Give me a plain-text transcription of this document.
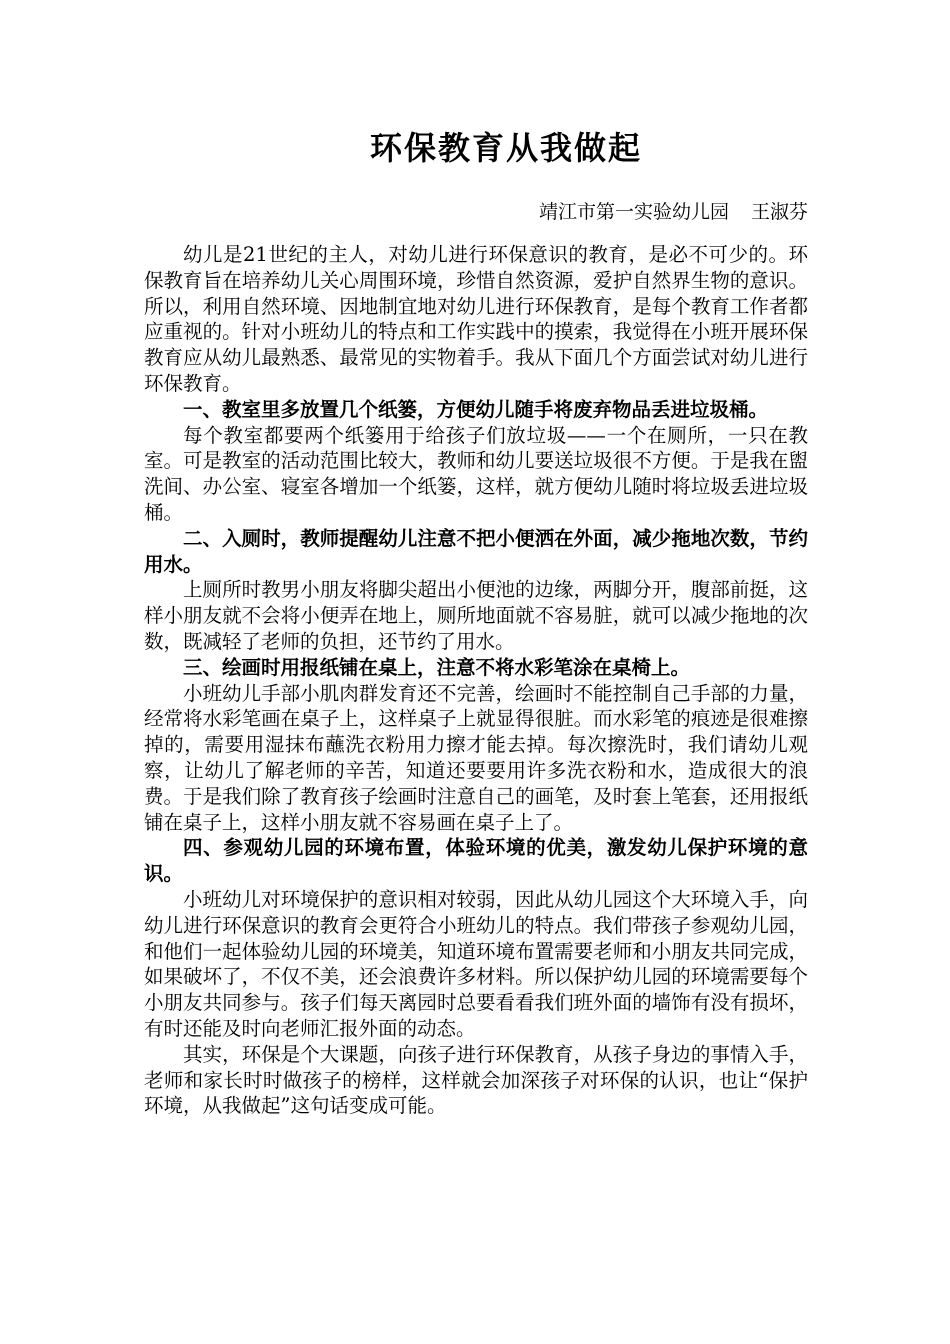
环保教育从我做起
靖江市第一实验幼儿园 王淑芬

幼儿是21世纪的主人，对幼儿进行环保意识的教育，是必不可少的。环保教育旨在培养幼儿关心周围环境，珍惜自然资源，爱护自然界生物的意识。所以，利用自然环境、因地制宜地对幼儿进行环保教育，是每个教育工作者都应重视的。针对小班幼儿的特点和工作实践中的摸索，我觉得在小班开展环保教育应从幼儿最熟悉、最常见的实物着手。我从下面几个方面尝试对幼儿进行环保教育。

一、教室里多放置几个纸篓，方便幼儿随手将废弃物品丢进垃圾桶。

每个教室都要两个纸篓用于给孩子们放垃圾——一个在厕所，一只在教室。可是教室的活动范围比较大，教师和幼儿要送垃圾很不方便。于是我在盥洗间、办公室、寝室各增加一个纸篓，这样，就方便幼儿随时将垃圾丢进垃圾桶。

二、入厕时，教师提醒幼儿注意不把小便洒在外面，减少拖地次数，节约用水。

上厕所时教男小朋友将脚尖超出小便池的边缘，两脚分开，腹部前挺，这样小朋友就不会将小便弄在地上，厕所地面就不容易脏，就可以减少拖地的次数，既减轻了老师的负担，还节约了用水。

三、绘画时用报纸铺在桌上，注意不将水彩笔涂在桌椅上。

小班幼儿手部小肌肉群发育还不完善，绘画时不能控制自己手部的力量，经常将水彩笔画在桌子上，这样桌子上就显得很脏。而水彩笔的痕迹是很难擦掉的，需要用湿抹布蘸洗衣粉用力擦才能去掉。每次擦洗时，我们请幼儿观察，让幼儿了解老师的辛苦，知道还要要用许多洗衣粉和水，造成很大的浪费。于是我们除了教育孩子绘画时注意自己的画笔，及时套上笔套，还用报纸铺在桌子上，这样小朋友就不容易画在桌子上了。

四、参观幼儿园的环境布置，体验环境的优美，激发幼儿保护环境的意识。

小班幼儿对环境保护的意识相对较弱，因此从幼儿园这个大环境入手，向幼儿进行环保意识的教育会更符合小班幼儿的特点。我们带孩子参观幼儿园，和他们一起体验幼儿园的环境美，知道环境布置需要老师和小朋友共同完成，如果破坏了，不仅不美，还会浪费许多材料。所以保护幼儿园的环境需要每个小朋友共同参与。孩子们每天离园时总要看看我们班外面的墙饰有没有损坏，有时还能及时向老师汇报外面的动态。

其实，环保是个大课题，向孩子进行环保教育，从孩子身边的事情入手，老师和家长时时做孩子的榜样，这样就会加深孩子对环保的认识，也让“保护环境，从我做起”这句话变成可能。
